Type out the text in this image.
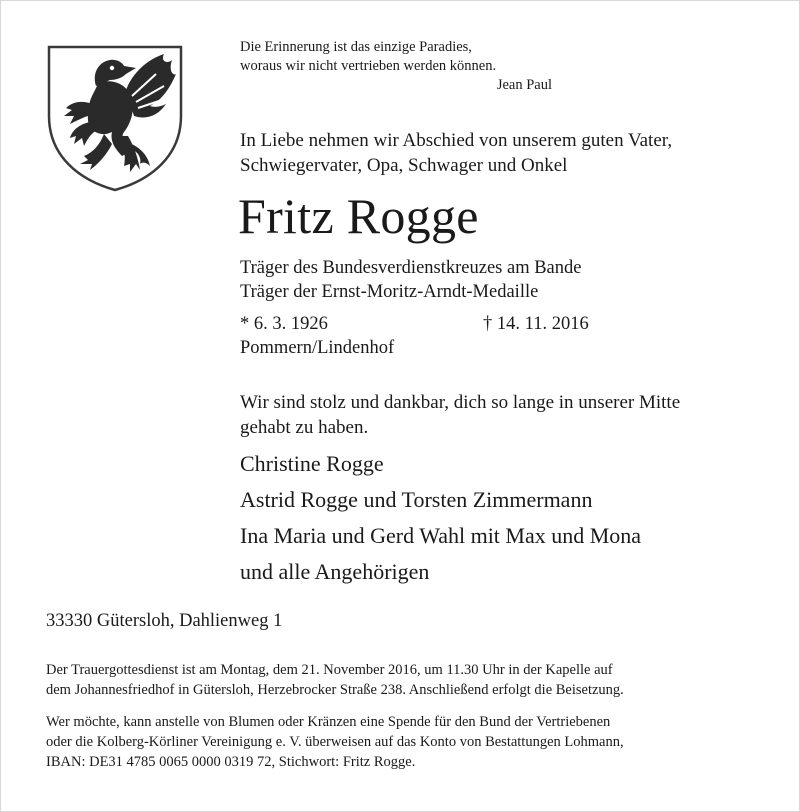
Die Erinnerung ist das einzige Paradies,
woraus wir nicht vertrieben werden können.
Jean Paul
In Liebe nehmen wir Abschied von unserem guten Vater,
Schwiegervater, Opa, Schwager und Onkel
Fritz Rogge
Träger des Bundesverdienstkreuzes am Bande
Träger der Ernst-Moritz-Arndt-Medaille
* 6. 3. 1926	† 14. 11. 2016
Pommern/Lindenhof
Wir sind stolz und dankbar, dich so lange in unserer Mitte
gehabt zu haben.
Christine Rogge
Astrid Rogge und Torsten Zimmermann
Ina Maria und Gerd Wahl mit Max und Mona
und alle Angehörigen
33330 Gütersloh, Dahlienweg 1
Der Trauergottesdienst ist am Montag, dem 21. November 2016, um 11.30 Uhr in der Kapelle auf
dem Johannesfriedhof in Gütersloh, Herzebrocker Straße 238. Anschließend erfolgt die Beisetzung.
Wer möchte, kann anstelle von Blumen oder Kränzen eine Spende für den Bund der Vertriebenen
oder die Kolberg-Körliner Vereinigung e. V. überweisen auf das Konto von Bestattungen Lohmann,
IBAN: DE31 4785 0065 0000 0319 72, Stichwort: Fritz Rogge.
